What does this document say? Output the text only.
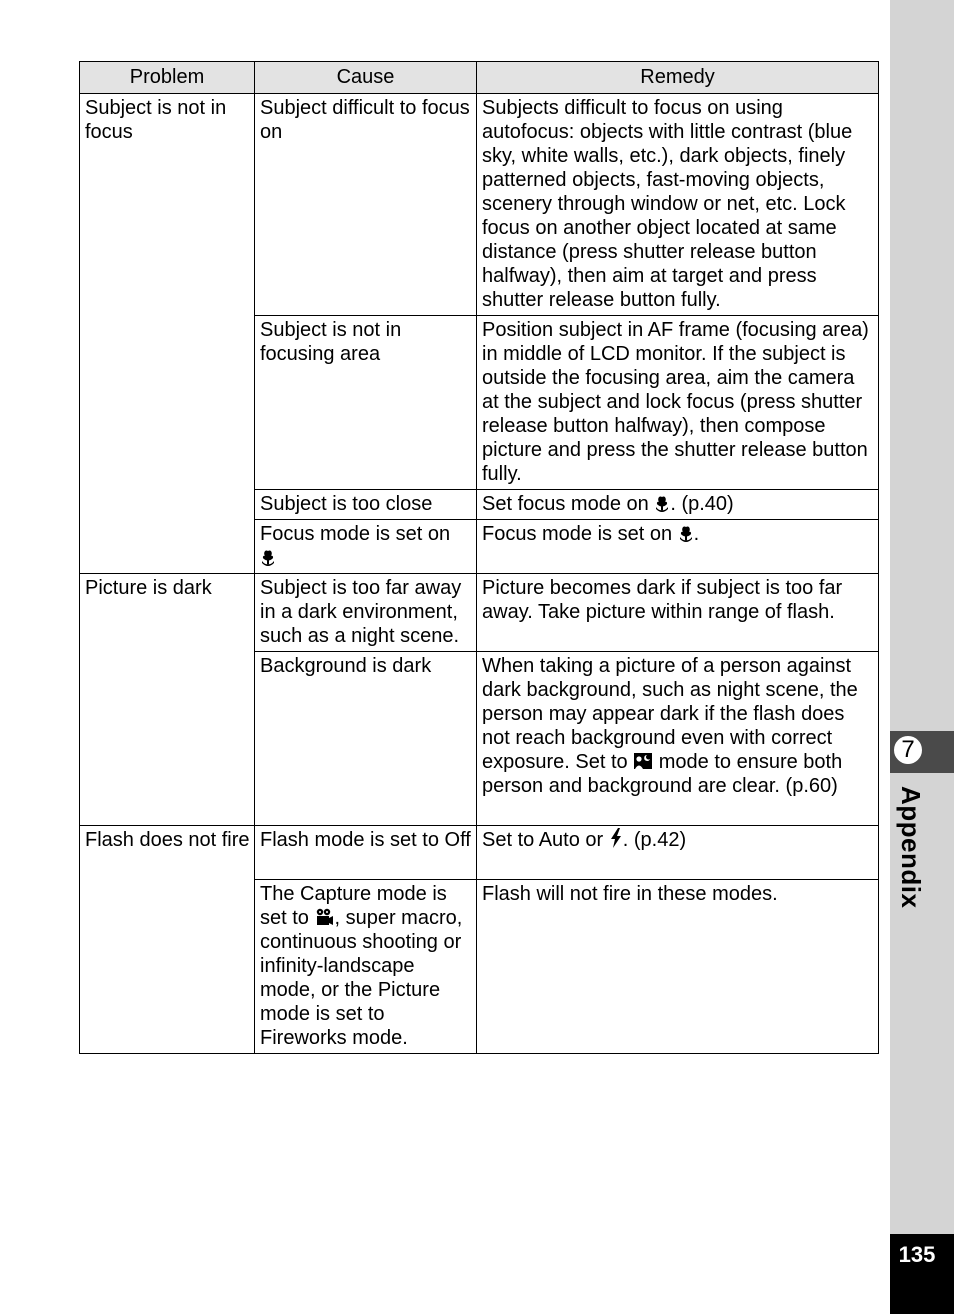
7
Appendix
135
Problem	Cause	Remedy
Subject is not in focus	Subject difficult to focus on	Subjects difficult to focus on using autofocus: objects with little contrast (blue sky, white walls, etc.), dark objects, finely patterned objects, fast-moving objects, scenery through window or net, etc. Lock focus on another object located at same distance (press shutter release button halfway), then aim at target and press shutter release button fully.
	Subject is not in focusing area	Position subject in AF frame (focusing area) in middle of LCD monitor. If the subject is outside the focusing area, aim the camera at the subject and lock focus (press shutter release button halfway), then compose picture and press the shutter release button fully.
	Subject is too close	Set focus mode on . (p.40)
	Focus mode is set on	Focus mode is set on .
Picture is dark	Subject is too far away in a dark environment, such as a night scene.	Picture becomes dark if subject is too far away. Take picture within range of flash.
	Background is dark	When taking a picture of a person against dark background, such as night scene, the person may appear dark if the flash does not reach background even with correct exposure. Set to  mode to ensure both person and background are clear. (p.60)
Flash does not fire	Flash mode is set to Off	Set to Auto or . (p.42)
	The Capture mode is set to , super macro, continuous shooting or infinity-landscape mode, or the Picture mode is set to Fireworks mode.	Flash will not fire in these modes.
